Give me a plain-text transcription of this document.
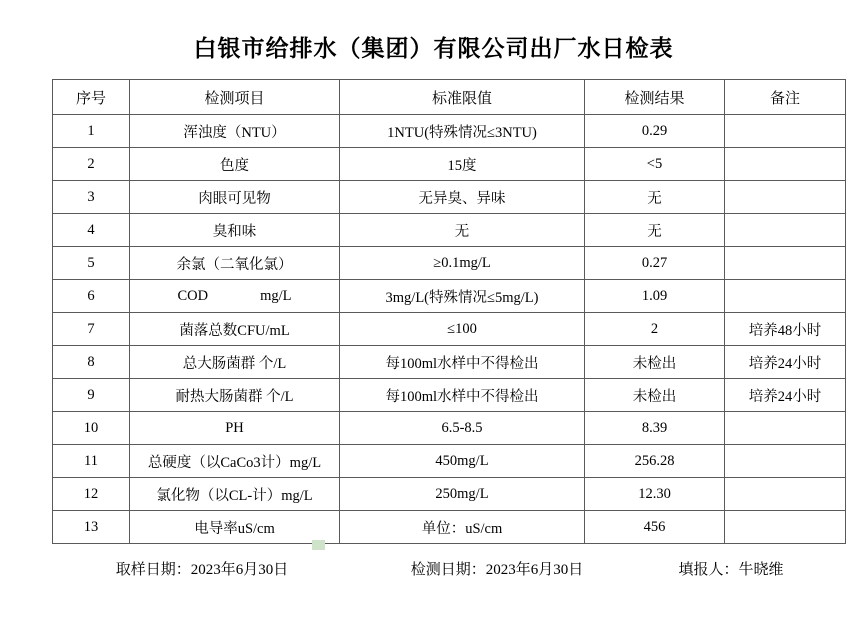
白银市给排水（集团）有限公司出厂水日检表
序号	检测项目	标准限值	检测结果	备注
1	浑浊度（NTU）	1NTU(特殊情况≤3NTU)	0.29	
2	色度	15度	<5	
3	肉眼可见物	无异臭、异味	无	
4	臭和味	无	无	
5	余氯（二氧化氯）	≥0.1mg/L	0.27	
6	COD mg/L	3mg/L(特殊情况≤5mg/L)	1.09	
7	菌落总数CFU/mL	≤100	2	培养48小时
8	总大肠菌群 个/L	每100ml水样中不得检出	未检出	培养24小时
9	耐热大肠菌群 个/L	每100ml水样中不得检出	未检出	培养24小时
10	PH	6.5-8.5	8.39	
11	总硬度（以CaCo3计）mg/L	450mg/L	256.28	
12	氯化物（以CL-计）mg/L	250mg/L	12.30	
13	电导率uS/cm	单位：uS/cm	456	
取样日期：2023年6月30日	检测日期：2023年6月30日	填报人：牛晓维
